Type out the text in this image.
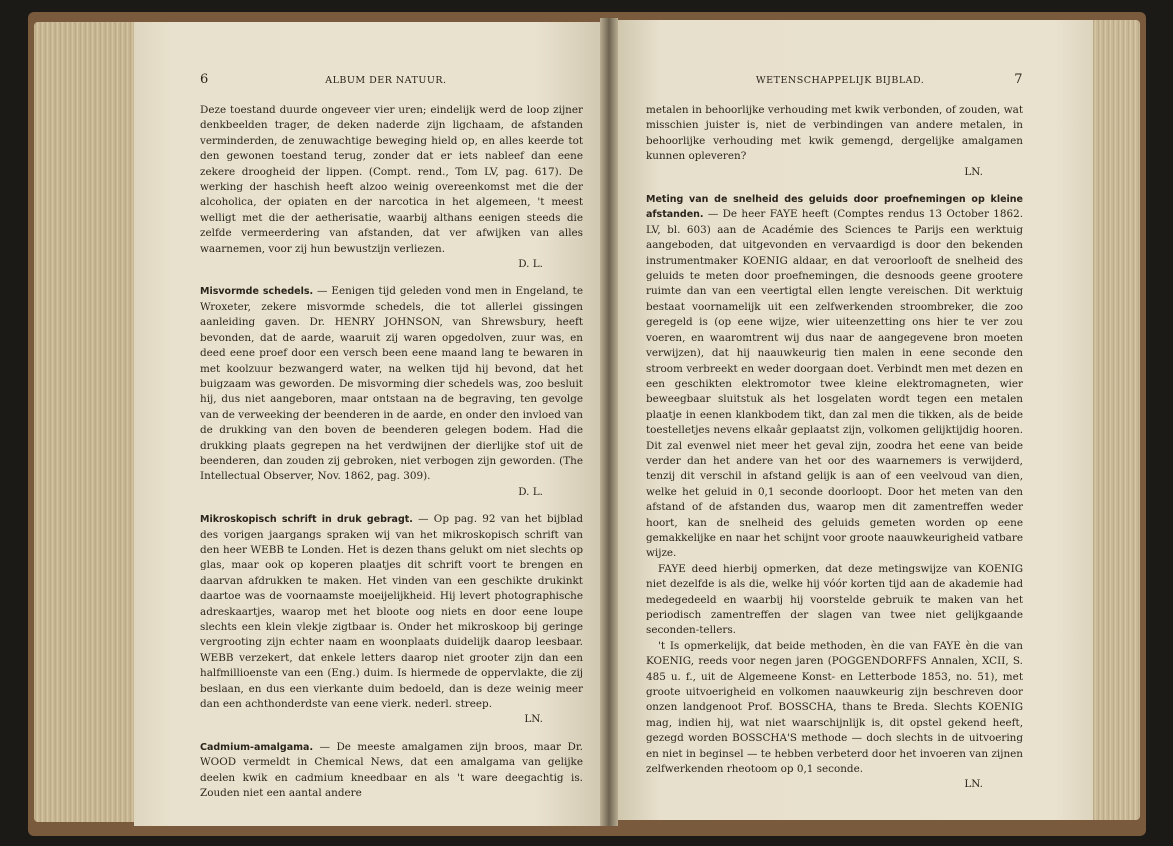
6	ALBUM DER NATUUR.

Deze toestand duurde ongeveer vier uren; eindelijk werd de loop zijner denkbeelden trager, de deken naderde zijn ligchaam, de afstanden verminderden, de zenuwachtige beweging hield op, en alles keerde tot den gewonen toestand terug, zonder dat er iets nableef dan eene zekere droogheid der lippen. (Compt. rend., Tom LV, pag. 617). De werking der haschish heeft alzoo weinig overeenkomst met die der alcoholica, der opiaten en der narcotica in het algemeen, 't meest welligt met die der aetherisatie, waarbij althans eenigen steeds die zelfde vermeerdering van afstanden, dat ver afwijken van alles waarnemen, voor zij hun bewustzijn verliezen.

D. L.

Misvormde schedels. — Eenigen tijd geleden vond men in Engeland, te Wroxeter, zekere misvormde schedels, die tot allerlei gissingen aanleiding gaven. Dr. HENRY JOHNSON, van Shrewsbury, heeft bevonden, dat de aarde, waaruit zij waren opgedolven, zuur was, en deed eene proef door een versch been eene maand lang te bewaren in met koolzuur bezwangerd water, na welken tijd hij bevond, dat het buigzaam was geworden. De misvorming dier schedels was, zoo besluit hij, dus niet aangeboren, maar ontstaan na de begraving, ten gevolge van de verweeking der beenderen in de aarde, en onder den invloed van de drukking van den boven de beenderen gelegen bodem. Had die drukking plaats gegrepen na het verdwijnen der dierlijke stof uit de beenderen, dan zouden zij gebroken, niet verbogen zijn geworden. (The Intellectual Observer, Nov. 1862, pag. 309).

D. L.

Mikroskopisch schrift in druk gebragt. — Op pag. 92 van het bijblad des vorigen jaargangs spraken wij van het mikroskopisch schrift van den heer WEBB te Londen. Het is dezen thans gelukt om niet slechts op glas, maar ook op koperen plaatjes dit schrift voort te brengen en daarvan afdrukken te maken. Het vinden van een geschikte drukinkt daartoe was de voornaamste moeijelijkheid. Hij levert photographische adreskaartjes, waarop met het bloote oog niets en door eene loupe slechts een klein vlekje zigtbaar is. Onder het mikroskoop bij geringe vergrooting zijn echter naam en woonplaats duidelijk daarop leesbaar. WEBB verzekert, dat enkele letters daarop niet grooter zijn dan een halfmillioenste van een (Eng.) duim. Is hiermede de oppervlakte, die zij beslaan, en dus een vierkante duim bedoeld, dan is deze weinig meer dan een achthonderdste van eene vierk. nederl. streep.

LN.

Cadmium-amalgama. — De meeste amalgamen zijn broos, maar Dr. WOOD vermeldt in Chemical News, dat een amalgama van gelijke deelen kwik en cadmium kneedbaar en als 't ware deegachtig is. Zouden niet een aantal andere

WETENSCHAPPELIJK BIJBLAD.	7

metalen in behoorlijke verhouding met kwik verbonden, of zouden, wat misschien juister is, niet de verbindingen van andere metalen, in behoorlijke verhouding met kwik gemengd, dergelijke amalgamen kunnen opleveren?

LN.

Meting van de snelheid des geluids door proefnemingen op kleine afstanden. — De heer FAYE heeft (Comptes rendus 13 October 1862. LV, bl. 603) aan de Académie des Sciences te Parijs een werktuig aangeboden, dat uitgevonden en vervaardigd is door den bekenden instrumentmaker KOENIG aldaar, en dat veroorlooft de snelheid des geluids te meten door proefnemingen, die desnoods geene grootere ruimte dan van een veertigtal ellen lengte vereischen. Dit werktuig bestaat voornamelijk uit een zelfwerkenden stroombreker, die zoo geregeld is (op eene wijze, wier uiteenzetting ons hier te ver zou voeren, en waaromtrent wij dus naar de aangegevene bron moeten verwijzen), dat hij naauwkeurig tien malen in eene seconde den stroom verbreekt en weder doorgaan doet. Verbindt men met dezen en een geschikten elektromotor twee kleine elektromagneten, wier beweegbaar sluitstuk als het losgelaten wordt tegen een metalen plaatje in eenen klankbodem tikt, dan zal men die tikken, als de beide toestelletjes nevens elkaâr geplaatst zijn, volkomen gelijktijdig hooren. Dit zal evenwel niet meer het geval zijn, zoodra het eene van beide verder dan het andere van het oor des waarnemers is verwijderd, tenzij dit verschil in afstand gelijk is aan of een veelvoud van dien, welke het geluid in 0,1 seconde doorloopt. Door het meten van den afstand of de afstanden dus, waarop men dit zamentreffen weder hoort, kan de snelheid des geluids gemeten worden op eene gemakkelijke en naar het schijnt voor groote naauwkeurigheid vatbare wijze.

FAYE deed hierbij opmerken, dat deze metingswijze van KOENIG niet dezelfde is als die, welke hij vóór korten tijd aan de akademie had medegedeeld en waarbij hij voorstelde gebruik te maken van het periodisch zamentreffen der slagen van twee niet gelijkgaande seconden-tellers.

't Is opmerkelijk, dat beide methoden, èn die van FAYE èn die van KOENIG, reeds voor negen jaren (POGGENDORFFS Annalen, XCII, S. 485 u. f., uit de Algemeene Konst- en Letterbode 1853, no. 51), met groote uitvoerigheid en volkomen naauwkeurig zijn beschreven door onzen landgenoot Prof. BOSSCHA, thans te Breda. Slechts KOENIG mag, indien hij, wat niet waarschijnlijk is, dit opstel gekend heeft, gezegd worden BOSSCHA'S methode — doch slechts in de uitvoering en niet in beginsel — te hebben verbeterd door het invoeren van zijnen zelfwerkenden rheotoom op 0,1 seconde.

LN.
